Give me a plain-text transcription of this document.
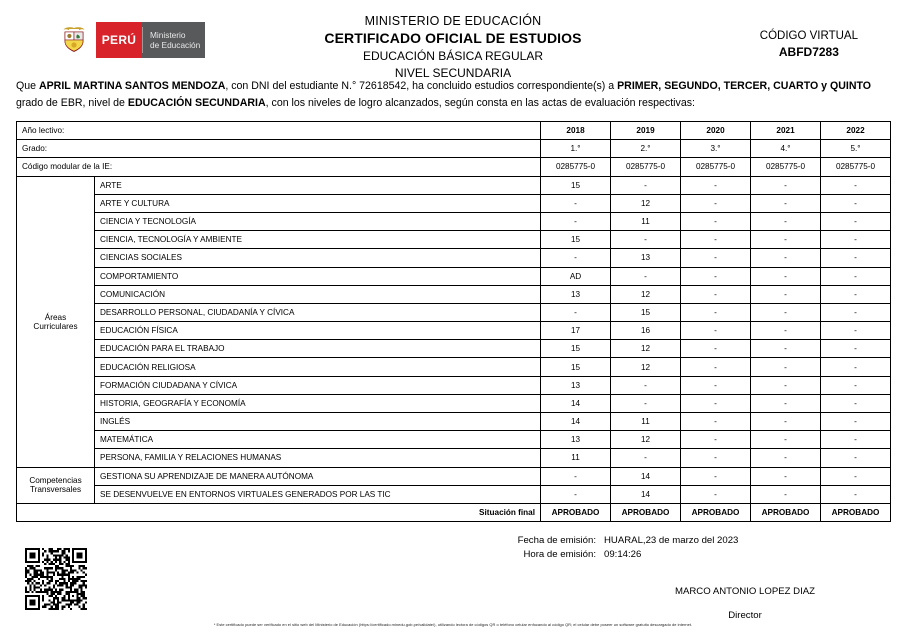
PERÚ	Ministerio
de Educación
MINISTERIO DE EDUCACIÓN
CERTIFICADO OFICIAL DE ESTUDIOS
EDUCACIÓN BÁSICA REGULAR
NIVEL SECUNDARIA
CÓDIGO VIRTUAL
ABFD7283
Que APRIL MARTINA SANTOS MENDOZA, con DNI del estudiante N.° 72618542, ha concluido estudios correspondiente(s) a PRIMER, SEGUNDO, TERCER, CUARTO y QUINTO grado de EBR, nivel de EDUCACIÓN SECUNDARIA, con los niveles de logro alcanzados, según consta en las actas de evaluación respectivas:
Año lectivo:		2018	2019	2020	2021	2022
Grado:		1.°	2.°	3.°	4.°	5.°
Código modular de la IE:		0285775-0	0285775-0	0285775-0	0285775-0	0285775-0
Áreas Curriculares	ARTE	15	-	-	-	-
	ARTE Y CULTURA	-	12	-	-	-
	CIENCIA Y TECNOLOGÍA	-	11	-	-	-
	CIENCIA, TECNOLOGÍA Y AMBIENTE	15	-	-	-	-
	CIENCIAS SOCIALES	-	13	-	-	-
	COMPORTAMIENTO	AD	-	-	-	-
	COMUNICACIÓN	13	12	-	-	-
	DESARROLLO PERSONAL, CIUDADANÍA Y CÍVICA	-	15	-	-	-
	EDUCACIÓN FÍSICA	17	16	-	-	-
	EDUCACIÓN PARA EL TRABAJO	15	12	-	-	-
	EDUCACIÓN RELIGIOSA	15	12	-	-	-
	FORMACIÓN CIUDADANA Y CÍVICA	13	-	-	-	-
	HISTORIA, GEOGRAFÍA Y ECONOMÍA	14	-	-	-	-
	INGLÉS	14	11	-	-	-
	MATEMÁTICA	13	12	-	-	-
	PERSONA, FAMILIA Y RELACIONES HUMANAS	11	-	-	-	-

Competencias
Transversales	GESTIONA SU APRENDIZAJE DE MANERA AUTÓNOMA	-	14	-	-	-
	SE DESENVUELVE EN ENTORNOS VIRTUALES GENERADOS POR LAS TIC	-	14	-	-	-
Situación final		APROBADO	APROBADO	APROBADO	APROBADO	APROBADO
Fecha de emisión: HUARAL,23 de marzo del 2023
Hora de emisión: 09:14:26
MARCO ANTONIO LOPEZ DIAZ
Director
* Este certificado puede ser verificado en el sitio web del Ministerio de Educación (https://certificado.minedu.gob.pe/validate/), utilizando lectora de códigos QR o teléfono celular enfocando al código QR; el celular debe poseer un software gratuito descargado de internet.
